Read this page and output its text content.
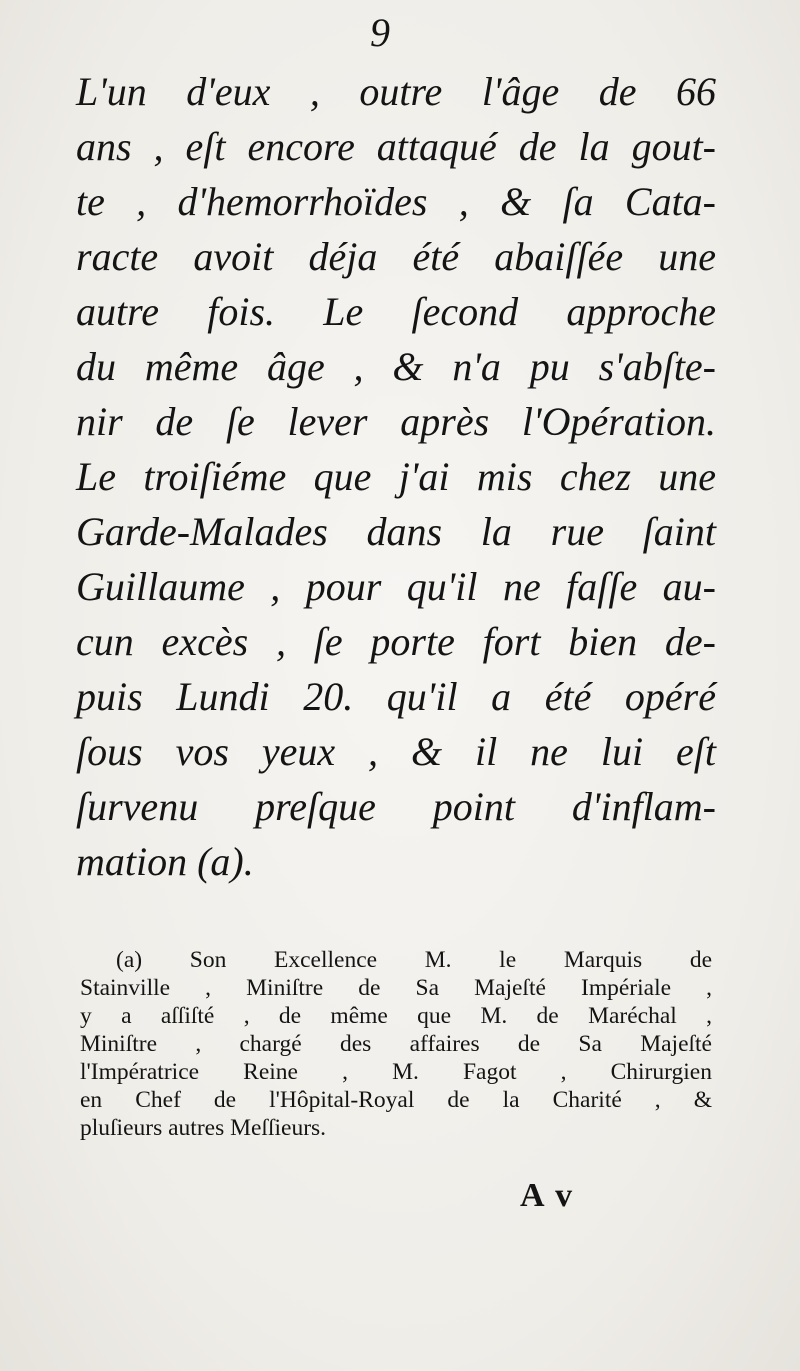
9
L'un d'eux , outre l'âge de 66
ans , eſt encore attaqué de la gout-
te , d'hemorrhoïdes , & ſa Cata-
racte avoit déja été abaiſſée une
autre fois. Le ſecond approche
du même âge , & n'a pu s'abſte-
nir de ſe lever après l'Opération.
Le troiſiéme que j'ai mis chez une
Garde-Malades dans la rue ſaint
Guillaume , pour qu'il ne faſſe au-
cun excès , ſe porte fort bien de-
puis Lundi 20. qu'il a été opéré
ſous vos yeux , & il ne lui eſt
ſurvenu preſque point d'inflam-
mation (a).
(a) Son Excellence M. le Marquis de
Stainville , Miniſtre de Sa Majeſté Impériale ,
y a aſſiſté , de même que M. de Maréchal ,
Miniſtre , chargé des affaires de Sa Majeſté
l'Impératrice Reine , M. Fagot , Chirurgien
en Chef de l'Hôpital-Royal de la Charité , &
pluſieurs autres Meſſieurs.
A v
